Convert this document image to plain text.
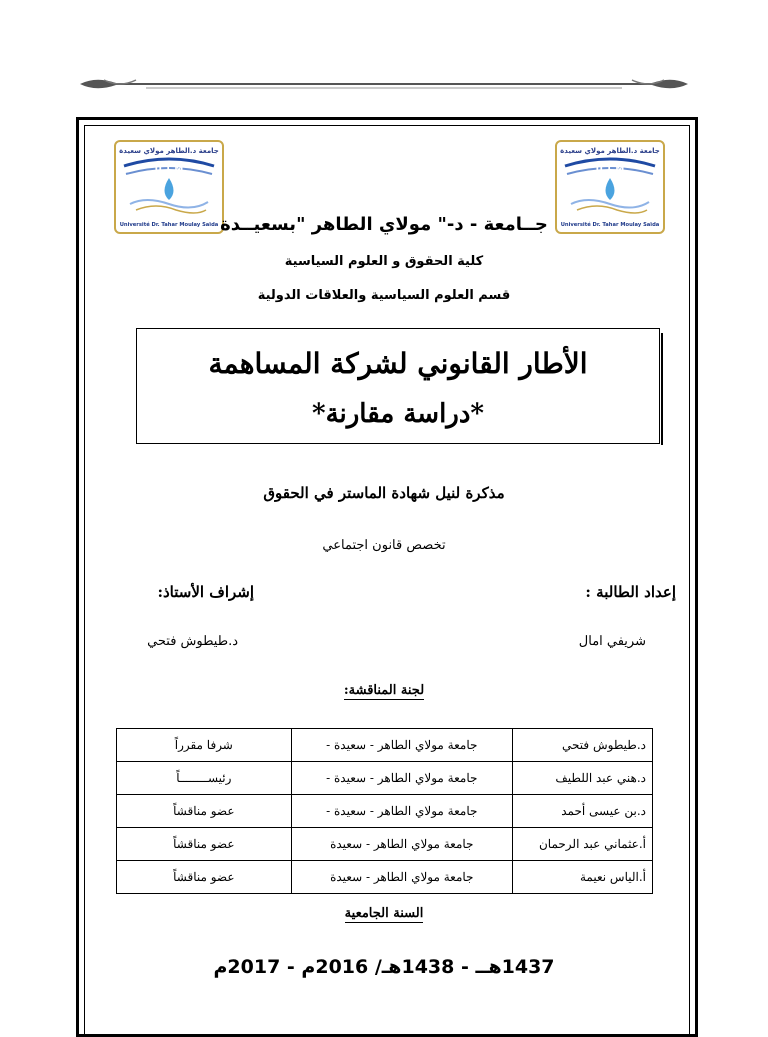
جامعة د.الطاهر مولاي سعيدة
U T M
Université Dr. Tahar Moulay Saïda
جامعة د.الطاهر مولاي سعيدة
U T M
Université Dr. Tahar Moulay Saïda
جــامعة - د-" مولاي الطاهر "بسعيــدة
كلية الحقوق و العلوم السياسية
قسم العلوم السياسية والعلاقات الدولية
الأطار القانوني لشركة المساهمة
*دراسة مقارنة*
مذكرة لنيل شهادة الماستر في الحقوق
تخصص قانون اجتماعي
إعداد الطالبة :
إشراف الأستاذ:
شريفي امال
د.طيطوش فتحي
لجنة المناقشة:
د.طيطوش فتحي	جامعة مولاي الطاهر - سعيدة -	شرفا مقرراً
د.هني عبد اللطيف	جامعة مولاي الطاهر - سعيدة -	رئيســــــــاً
د.بن عيسى أحمد	جامعة مولاي الطاهر - سعيدة -	عضو مناقشاً
أ.عثماني عبد الرحمان	جامعة مولاي الطاهر - سعيدة	عضو مناقشاً
أ.الياس نعيمة	جامعة مولاي الطاهر - سعيدة	عضو مناقشاً
السنة الجامعية
1437هــ - 1438هـ/ 2016م - 2017م
